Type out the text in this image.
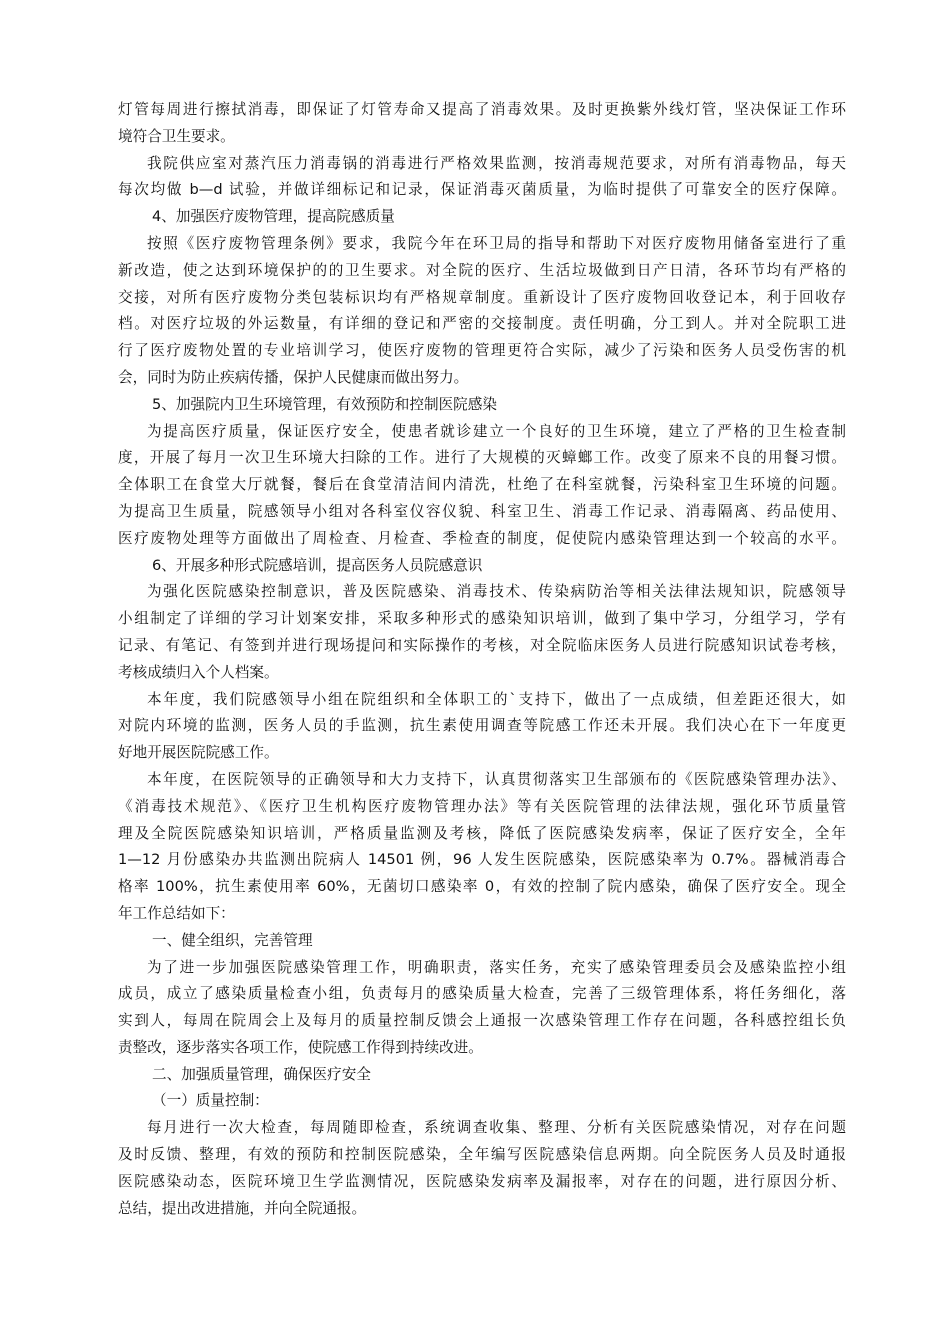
灯管每周进行擦拭消毒，即保证了灯管寿命又提高了消毒效果。及时更换紫外线灯管，坚决保证工作环
境符合卫生要求。
我院供应室对蒸汽压力消毒锅的消毒进行严格效果监测，按消毒规范要求，对所有消毒物品，每天
每次均做 b—d 试验，并做详细标记和记录，保证消毒灭菌质量，为临时提供了可靠安全的医疗保障。
4、加强医疗废物管理，提高院感质量
按照《医疗废物管理条例》要求，我院今年在环卫局的指导和帮助下对医疗废物用储备室进行了重
新改造，使之达到环境保护的的卫生要求。对全院的医疗、生活垃圾做到日产日清，各环节均有严格的
交接，对所有医疗废物分类包装标识均有严格规章制度。重新设计了医疗废物回收登记本，利于回收存
档。对医疗垃圾的外运数量，有详细的登记和严密的交接制度。责任明确，分工到人。并对全院职工进
行了医疗废物处置的专业培训学习，使医疗废物的管理更符合实际，减少了污染和医务人员受伤害的机
会，同时为防止疾病传播，保护人民健康而做出努力。
5、加强院内卫生环境管理，有效预防和控制医院感染
为提高医疗质量，保证医疗安全，使患者就诊建立一个良好的卫生环境，建立了严格的卫生检查制
度，开展了每月一次卫生环境大扫除的工作。进行了大规模的灭蟑螂工作。改变了原来不良的用餐习惯。
全体职工在食堂大厅就餐，餐后在食堂清洁间内清洗，杜绝了在科室就餐，污染科室卫生环境的问题。
为提高卫生质量，院感领导小组对各科室仪容仪貌、科室卫生、消毒工作记录、消毒隔离、药品使用、
医疗废物处理等方面做出了周检查、月检查、季检查的制度，促使院内感染管理达到一个较高的水平。
6、开展多种形式院感培训，提高医务人员院感意识
为强化医院感染控制意识，普及医院感染、消毒技术、传染病防治等相关法律法规知识，院感领导
小组制定了详细的学习计划案安排，采取多种形式的感染知识培训，做到了集中学习，分组学习，学有
记录、有笔记、有签到并进行现场提问和实际操作的考核，对全院临床医务人员进行院感知识试卷考核，
考核成绩归入个人档案。
本年度，我们院感领导小组在院组织和全体职工的`支持下，做出了一点成绩，但差距还很大，如
对院内环境的监测，医务人员的手监测，抗生素使用调查等院感工作还未开展。我们决心在下一年度更
好地开展医院院感工作。
本年度，在医院领导的正确领导和大力支持下，认真贯彻落实卫生部颁布的《医院感染管理办法》、
《消毒技术规范》、《医疗卫生机构医疗废物管理办法》等有关医院管理的法律法规，强化环节质量管
理及全院医院感染知识培训，严格质量监测及考核，降低了医院感染发病率，保证了医疗安全，全年
1—12 月份感染办共监测出院病人 14501 例，96 人发生医院感染，医院感染率为 0.7%。器械消毒合
格率 100%，抗生素使用率 60%，无菌切口感染率 0，有效的控制了院内感染，确保了医疗安全。现全
年工作总结如下：
一、健全组织，完善管理
为了进一步加强医院感染管理工作，明确职责，落实任务，充实了感染管理委员会及感染监控小组
成员，成立了感染质量检查小组，负责每月的感染质量大检查，完善了三级管理体系，将任务细化，落
实到人，每周在院周会上及每月的质量控制反馈会上通报一次感染管理工作存在问题，各科感控组长负
责整改，逐步落实各项工作，使院感工作得到持续改进。
二、加强质量管理，确保医疗安全
（一）质量控制：
每月进行一次大检查，每周随即检查，系统调查收集、整理、分析有关医院感染情况，对存在问题
及时反馈、整理，有效的预防和控制医院感染，全年编写医院感染信息两期。向全院医务人员及时通报
医院感染动态，医院环境卫生学监测情况，医院感染发病率及漏报率，对存在的问题，进行原因分析、
总结，提出改进措施，并向全院通报。
